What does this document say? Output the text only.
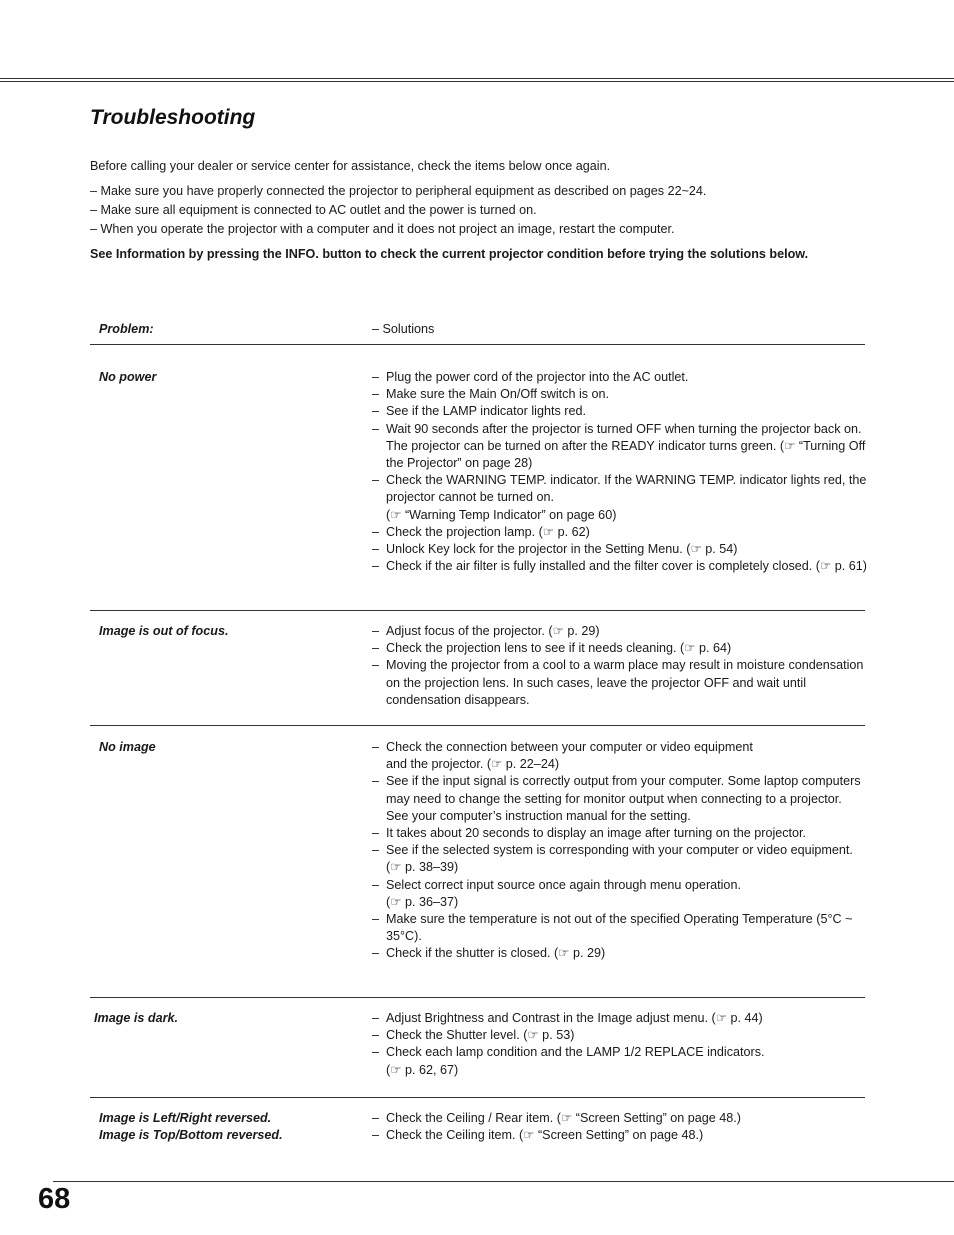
Troubleshooting

Before calling your dealer or service center for assistance, check the items below once again.

– Make sure you have properly connected the projector to peripheral equipment as described on pages 22~24.
– Make sure all equipment is connected to AC outlet and the power is turned on.
– When you operate the projector with a computer and it does not project an image, restart the computer.

See Information by pressing the INFO. button to check the current projector condition before trying the solutions below.

Problem:	– Solutions
No power	– Plug the power cord of the projector into the AC outlet.
– Make sure the Main On/Off switch is on.
– See if the LAMP indicator lights red.
– Wait 90 seconds after the projector is turned OFF when turning the projector back on. The projector can be turned on after the READY indicator turns green. (☞ “Turning Off the Projector” on page 28)
– Check the WARNING TEMP. indicator. If the WARNING TEMP. indicator lights red, the projector cannot be turned on.
(☞ “Warning Temp Indicator” on page 60)
– Check the projection lamp. (☞ p. 62)
– Unlock Key lock for the projector in the Setting Menu. (☞ p. 54)
– Check if the air filter is fully installed and the filter cover is completely closed. (☞ p. 61)
Image is out of focus.	– Adjust focus of the projector. (☞ p. 29)
– Check the projection lens to see if it needs cleaning. (☞ p. 64)
– Moving the projector from a cool to a warm place may result in moisture condensation on the projection lens. In such cases, leave the projector OFF and wait until condensation disappears.
No image	– Check the connection between your computer or video equipment
and the projector. (☞ p. 22–24)
– See if the input signal is correctly output from your computer. Some laptop computers may need to change the setting for monitor output when connecting to a projector. See your computer’s instruction manual for the setting.
– It takes about 20 seconds to display an image after turning on the projector.
– See if the selected system is corresponding with your computer or video equipment. (☞ p. 38–39)
– Select correct input source once again through menu operation.
(☞ p. 36–37)
– Make sure the temperature is not out of the specified Operating Temperature (5°C ~ 35°C).
– Check if the shutter is closed. (☞ p. 29)
Image is dark.	– Adjust Brightness and Contrast in the Image adjust menu. (☞ p. 44)
– Check the Shutter level. (☞ p. 53)
– Check each lamp condition and the LAMP 1/2 REPLACE indicators.
(☞ p. 62, 67)
Image is Left/Right reversed.
Image is Top/Bottom reversed.
– Check the Ceiling / Rear item. (☞ “Screen Setting” on page 48.)
– Check the Ceiling item. (☞ “Screen Setting” on page 48.)

68
